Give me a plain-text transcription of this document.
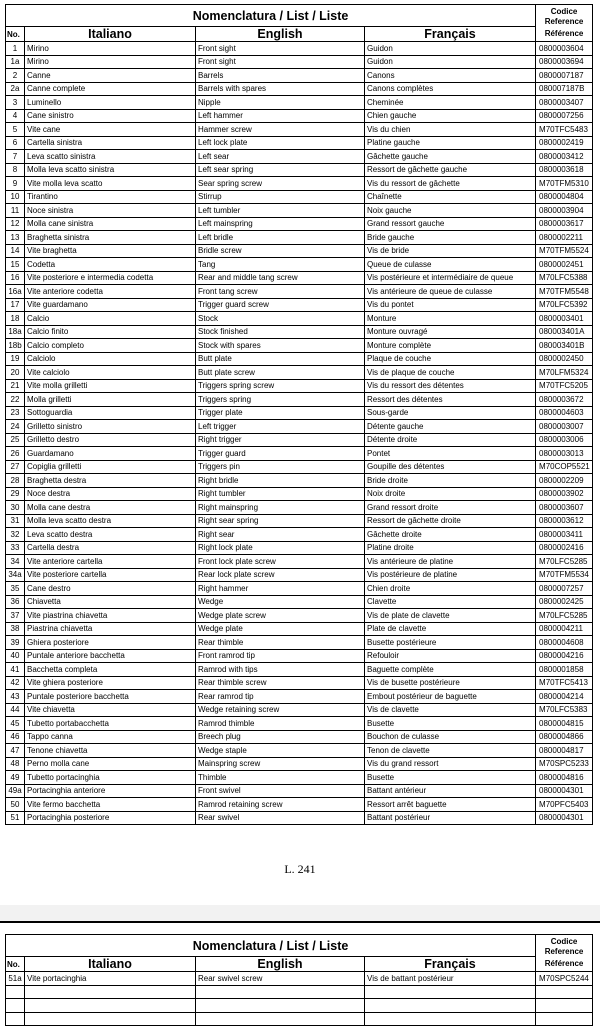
Nomenclatura / List / Liste				Codice
Reference
Référence

No.	Italiano	English	Français	
1	Mirino	Front sight	Guidon	0800003604
1a	Mirino	Front sight	Guidon	0800003694
2	Canne	Barrels	Canons	0800007187
2a	Canne complete	Barrels with spares	Canons complètes	080007187B
3	Luminello	Nipple	Cheminée	0800003407
4	Cane sinistro	Left hammer	Chien gauche	0800007256
5	Vite cane	Hammer screw	Vis du chien	M70TFC5483
6	Cartella sinistra	Left lock plate	Platine gauche	0800002419
7	Leva scatto sinistra	Left sear	Gâchette gauche	0800003412
8	Molla leva scatto sinistra	Left sear spring	Ressort de gâchette gauche	0800003618
9	Vite molla leva scatto	Sear spring screw	Vis du ressort de gâchette	M70TFM5310
10	Tirantino	Stirrup	Chaînette	0800004804
11	Noce sinistra	Left tumbler	Noix gauche	0800003904
12	Molla cane sinistra	Left mainspring	Grand ressort gauche	0800003617
13	Braghetta sinistra	Left bridle	Bride gauche	0800002211
14	Vite braghetta	Bridle screw	Vis de bride	M70TFM5524
15	Codetta	Tang	Queue de culasse	0800002451
16	Vite posteriore e intermedia codetta	Rear and middle tang screw	Vis postérieure et intermédiaire de queue	M70LFC5388
16a	Vite anteriore codetta	Front tang screw	Vis antérieure de queue de culasse	M70TFM5548
17	Vite guardamano	Trigger guard screw	Vis du pontet	M70LFC5392
18	Calcio	Stock	Monture	0800003401
18a	Calcio finito	Stock finished	Monture ouvragé	080003401A
18b	Calcio completo	Stock with spares	Monture complète	080003401B
19	Calciolo	Butt plate	Plaque de couche	0800002450
20	Vite calciolo	Butt plate screw	Vis de plaque de couche	M70LFM5324
21	Vite molla grilletti	Triggers spring screw	Vis du ressort des détentes	M70TFC5205
22	Molla grilletti	Triggers spring	Ressort des détentes	0800003672
23	Sottoguardia	Trigger plate	Sous-garde	0800004603
24	Grilletto sinistro	Left trigger	Détente gauche	0800003007
25	Grilletto destro	Right trigger	Détente droite	0800003006
26	Guardamano	Trigger guard	Pontet	0800003013
27	Copiglia grilletti	Triggers pin	Goupille des détentes	M70COP5521
28	Braghetta destra	Right bridle	Bride droite	0800002209
29	Noce destra	Right tumbler	Noix droite	0800003902
30	Molla cane destra	Right mainspring	Grand ressort droite	0800003607
31	Molla leva scatto destra	Right sear spring	Ressort de gâchette droite	0800003612
32	Leva scatto destra	Right sear	Gâchette droite	0800003411
33	Cartella destra	Right lock plate	Platine droite	0800002416
34	Vite anteriore cartella	Front lock plate screw	Vis antérieure de platine	M70LFC5285
34a	Vite posteriore cartella	Rear lock plate screw	Vis postérieure de platine	M70TFM5534
35	Cane destro	Right hammer	Chien droite	0800007257
36	Chiavetta	Wedge	Clavette	0800002425
37	Vite piastrina chiavetta	Wedge plate screw	Vis de plate de clavette	M70LFC5285
38	Piastrina chiavetta	Wedge plate	Plate de clavette	0800004211
39	Ghiera posteriore	Rear thimble	Busette postérieure	0800004608
40	Puntale anteriore bacchetta	Front ramrod tip	Refouloir	0800004216
41	Bacchetta completa	Ramrod with tips	Baguette complète	0800001858
42	Vite ghiera posteriore	Rear thimble screw	Vis de busette postérieure	M70TFC5413
43	Puntale posteriore bacchetta	Rear ramrod tip	Embout postérieur de baguette	0800004214
44	Vite chiavetta	Wedge retaining screw	Vis de clavette	M70LFC5383
45	Tubetto portabacchetta	Ramrod thimble	Busette	0800004815
46	Tappo canna	Breech plug	Bouchon de culasse	0800004866
47	Tenone chiavetta	Wedge staple	Tenon de clavette	0800004817
48	Perno molla cane	Mainspring screw	Vis du grand ressort	M70SPC5233
49	Tubetto portacinghia	Thimble	Busette	0800004816
49a	Portacinghia anteriore	Front swivel	Battant antérieur	0800004301
50	Vite fermo bacchetta	Ramrod retaining screw	Ressort arrêt baguette	M70PFC5403
51	Portacinghia posteriore	Rear swivel	Battant postérieur	0800004301
L. 241
Nomenclatura / List / Liste				Codice
Reference
Référence

No.	Italiano	English	Français	
51a	Vite portacinghia	Rear swivel screw	Vis de battant postérieur	M70SPC5244
